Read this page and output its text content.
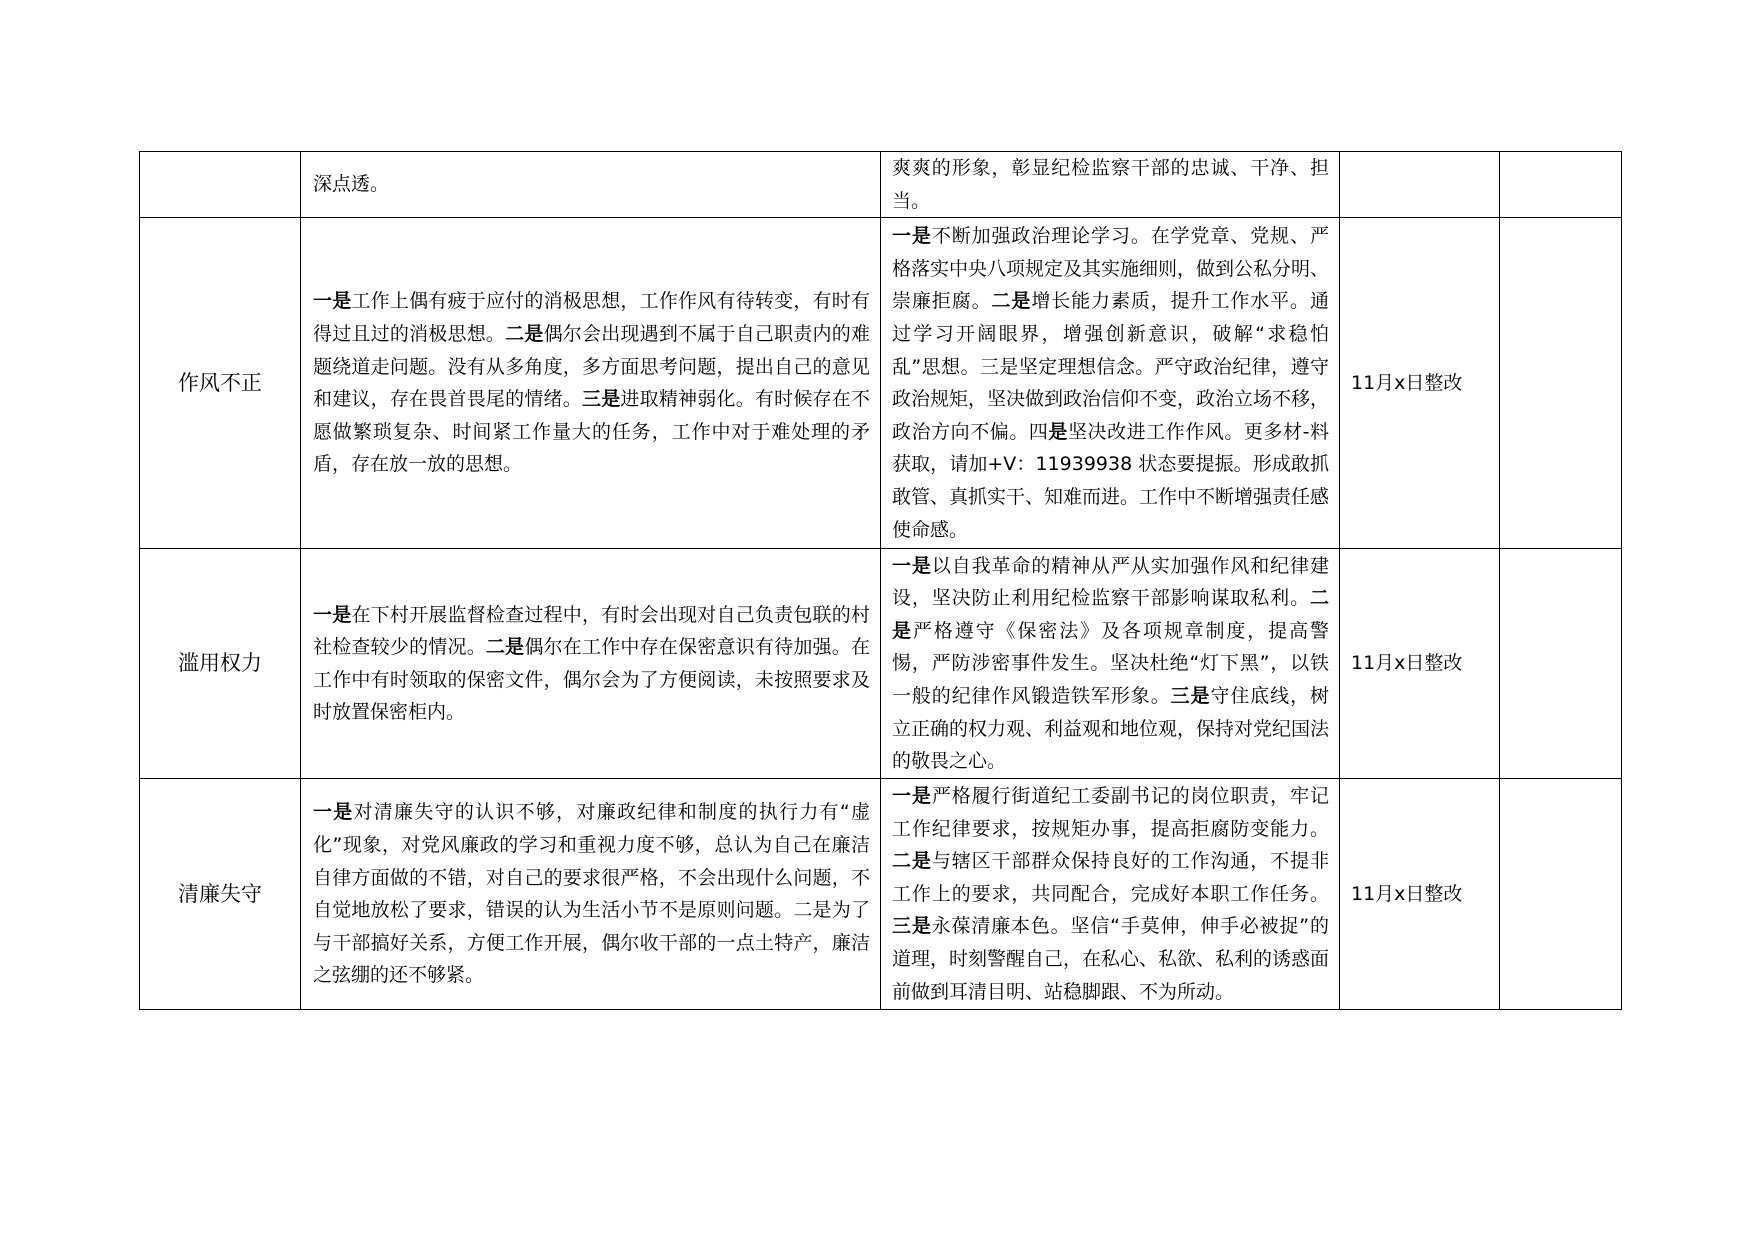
	深点透。	爽爽的形象，彰显纪检监察干部的忠诚、干净、担当。		

作风不正	一是工作上偶有疲于应付的消极思想，工作作风有待转变，有时有得过且过的消极思想。二是偶尔会出现遇到不属于自己职责内的难题绕道走问题。没有从多角度，多方面思考问题，提出自己的意见和建议，存在畏首畏尾的情绪。三是进取精神弱化。有时候存在不愿做繁琐复杂、时间紧工作量大的任务，工作中对于难处理的矛盾，存在放一放的思想。	一是不断加强政治理论学习。在学党章、党规、严格落实中央八项规定及其实施细则，做到公私分明、崇廉拒腐。二是增长能力素质，提升工作水平。通过学习开阔眼界，增强创新意识，破解“求稳怕乱”思想。三是坚定理想信念。严守政治纪律，遵守政治规矩，坚决做到政治信仰不变，政治立场不移，政治方向不偏。四是坚决改进工作作风。更多材-料获取，请加+V：11939938 状态要提振。形成敢抓敢管、真抓实干、知难而进。工作中不断增强责任感使命感。	11月x日整改	
滥用权力	一是在下村开展监督检查过程中，有时会出现对自己负责包联的村社检查较少的情况。二是偶尔在工作中存在保密意识有待加强。在工作中有时领取的保密文件，偶尔会为了方便阅读，未按照要求及时放置保密柜内。	一是以自我革命的精神从严从实加强作风和纪律建设，坚决防止利用纪检监察干部影响谋取私利。二是严格遵守《保密法》及各项规章制度，提高警惕，严防涉密事件发生。坚决杜绝“灯下黑”，以铁一般的纪律作风锻造铁军形象。三是守住底线，树立正确的权力观、利益观和地位观，保持对党纪国法的敬畏之心。	11月x日整改	
清廉失守	一是对清廉失守的认识不够，对廉政纪律和制度的执行力有“虚化”现象，对党风廉政的学习和重视力度不够，总认为自己在廉洁自律方面做的不错，对自己的要求很严格，不会出现什么问题，不自觉地放松了要求，错误的认为生活小节不是原则问题。二是为了与干部搞好关系，方便工作开展，偶尔收干部的一点土特产，廉洁之弦绷的还不够紧。	一是严格履行街道纪工委副书记的岗位职责，牢记工作纪律要求，按规矩办事，提高拒腐防变能力。二是与辖区干部群众保持良好的工作沟通，不提非工作上的要求，共同配合，完成好本职工作任务。三是永葆清廉本色。坚信“手莫伸，伸手必被捉”的道理，时刻警醒自己，在私心、私欲、私利的诱惑面前做到耳清目明、站稳脚跟、不为所动。	11月x日整改	
